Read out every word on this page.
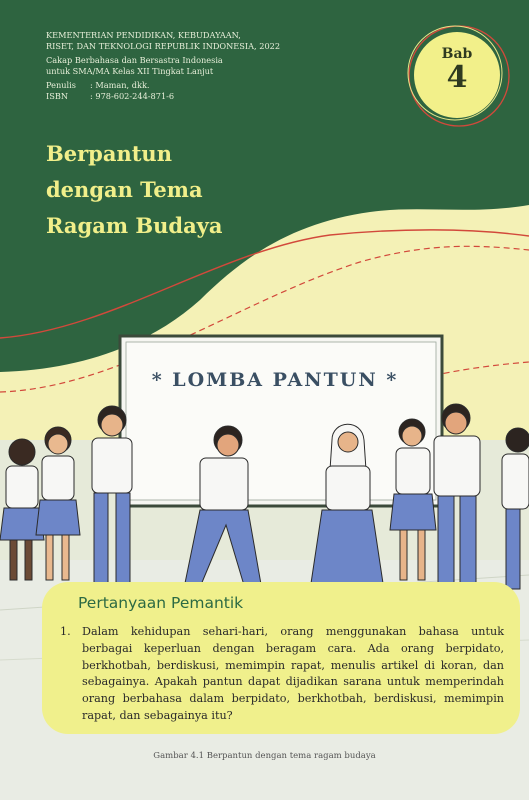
KEMENTERIAN PENDIDIKAN, KEBUDAYAAN,
RISET, DAN TEKNOLOGI REPUBLIK INDONESIA, 2022
Cakap Berbahasa dan Bersastra Indonesia
untuk SMA/MA Kelas XII Tingkat Lanjut
Penulis	: Maman, dkk.
ISBN	: 978-602-244-871-6
Bab
4
Berpantun
dengan Tema
Ragam Budaya
* LOMBA PANTUN *
Pertanyaan Pemantik
1. Dalam kehidupan sehari-hari, orang menggunakan bahasa untuk berbagai keperluan dengan beragam cara. Ada orang berpidato, berkhotbah, berdiskusi, memimpin rapat, menulis artikel di koran, dan sebagainya. Apakah pantun dapat dijadikan sarana untuk memperindah orang berbahasa dalam berpidato, berkhotbah, berdiskusi, memimpin rapat, dan sebagainya itu?

Gambar 4.1 Berpantun dengan tema ragam budaya
